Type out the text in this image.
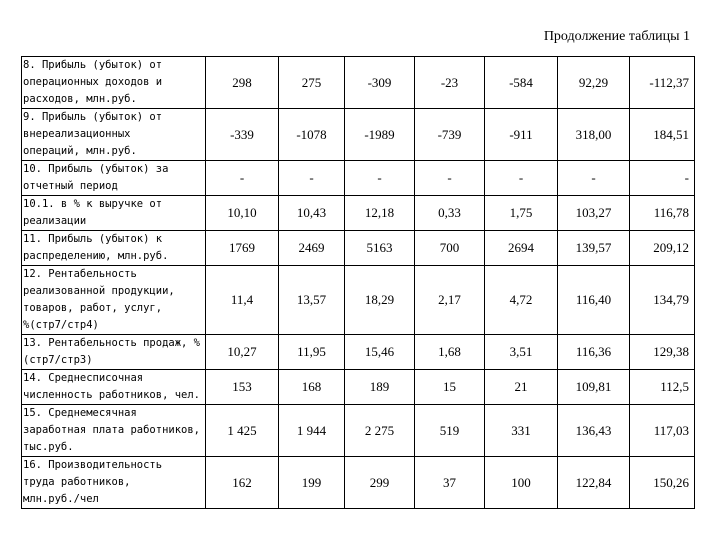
Продолжение таблицы 1
8. Прибыль (убыток) от
операционных доходов и
расходов, млн.руб.	298	275	-309	-23	-584	92,29	-112,37

9. Прибыль (убыток) от
внереализационных
операций, млн.руб.	-339	-1078	-1989	-739	-911	318,00	184,51

10. Прибыль (убыток) за
отчетный период	-	-	-	-	-	-	-

10.1. в % к выручке от
реализации	10,10	10,43	12,18	0,33	1,75	103,27	116,78

11. Прибыль (убыток) к
распределению, млн.руб.	1769	2469	5163	700	2694	139,57	209,12

12. Рентабельность
реализованной продукции,
товаров, работ, услуг,
%(стр7/стр4)	11,4	13,57	18,29	2,17	4,72	116,40	134,79

13. Рентабельность продаж, %
(стр7/стр3)	10,27	11,95	15,46	1,68	3,51	116,36	129,38

14. Среднесписочная
численность работников, чел.	153	168	189	15	21	109,81	112,5

15. Среднемесячная
заработная плата работников,
тыс.руб.	1 425	1 944	2 275	519	331	136,43	117,03

16. Производительность
труда работников,
млн.руб./чел	162	199	299	37	100	122,84	150,26
